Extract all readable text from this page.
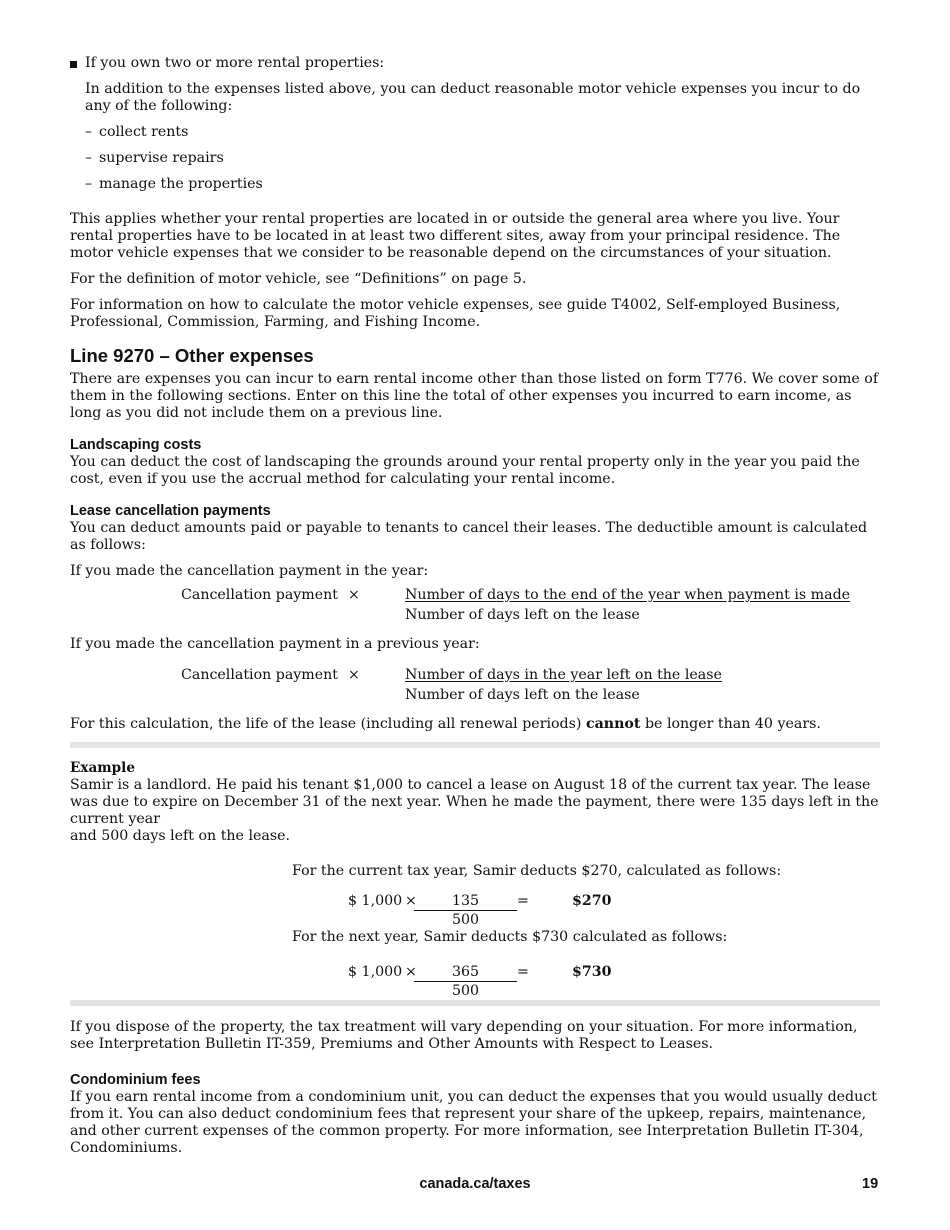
If you own two or more rental properties:

In addition to the expenses listed above, you can deduct reasonable motor vehicle expenses you incur to do any of the following:

– collect rents

– supervise repairs

– manage the properties

This applies whether your rental properties are located in or outside the general area where you live. Your rental properties have to be located in at least two different sites, away from your principal residence. The motor vehicle expenses that we consider to be reasonable depend on the circumstances of your situation.

For the definition of motor vehicle, see “Definitions” on page 5.

For information on how to calculate the motor vehicle expenses, see guide T4002, Self-employed Business, Professional, Commission, Farming, and Fishing Income.

Line 9270 – Other expenses

There are expenses you can incur to earn rental income other than those listed on form T776. We cover some of them in the following sections. Enter on this line the total of other expenses you incurred to earn income, as long as you did not include them on a previous line.

Landscaping costs

You can deduct the cost of landscaping the grounds around your rental property only in the year you paid the cost, even if you use the accrual method for calculating your rental income.

Lease cancellation payments

You can deduct amounts paid or payable to tenants to cancel their leases. The deductible amount is calculated as follows:

If you made the cancellation payment in the year:

Cancellation payment ×	Number of days to the end of the year when payment is made
Number of days left on the lease

If you made the cancellation payment in a previous year:

Cancellation payment ×	Number of days in the year left on the lease
Number of days left on the lease

For this calculation, the life of the lease (including all renewal periods) cannot be longer than 40 years.

Example

Samir is a landlord. He paid his tenant $1,000 to cancel a lease on August 18 of the current tax year. The lease was due to expire on December 31 of the next year. When he made the payment, there were 135 days left in the current year

and 500 days left on the lease.

For the current tax year, Samir deducts $270, calculated as follows:

$ 1,000 ×	135
500
=	$270

For the next year, Samir deducts $730 calculated as follows:

$ 1,000 ×	365
500
=	$730

If you dispose of the property, the tax treatment will vary depending on your situation. For more information, see Interpretation Bulletin IT-359, Premiums and Other Amounts with Respect to Leases.

Condominium fees

If you earn rental income from a condominium unit, you can deduct the expenses that you would usually deduct from it. You can also deduct condominium fees that represent your share of the upkeep, repairs, maintenance, and other current expenses of the common property. For more information, see Interpretation Bulletin IT-304, Condominiums.

canada.ca/taxes	19
